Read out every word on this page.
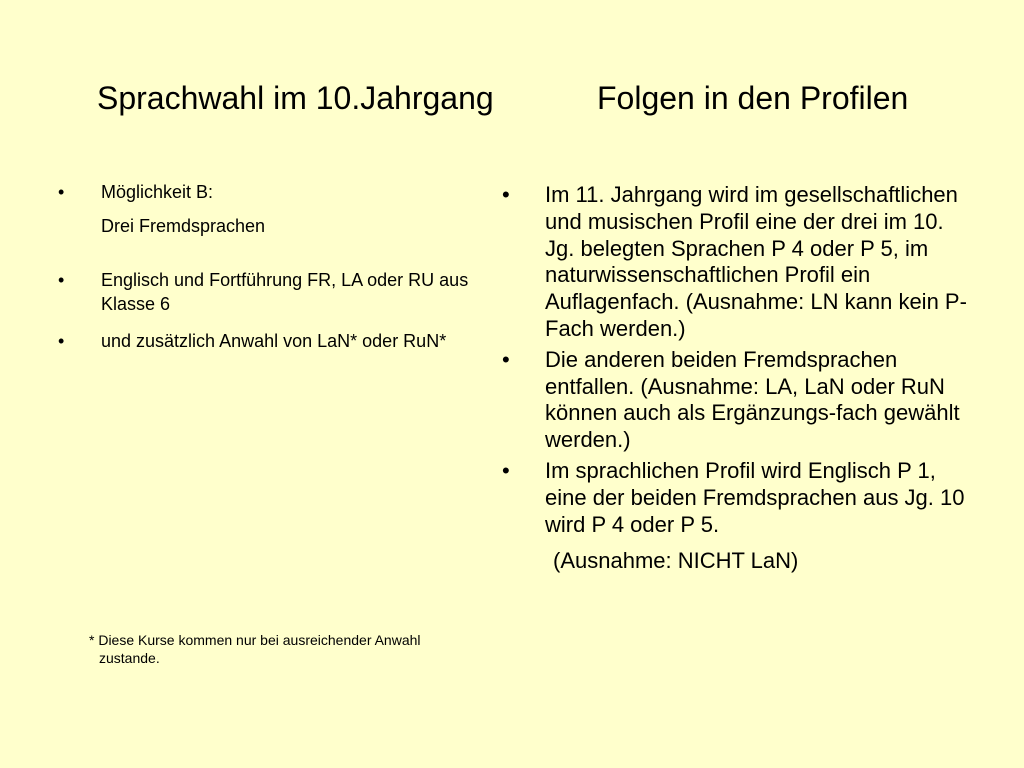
Sprachwahl im 10.Jahrgang	Folgen in den Profilen
• Möglichkeit B:
Drei Fremdsprachen
• Englisch und Fortführung FR, LA oder RU aus Klasse 6
• und zusätzlich Anwahl von LaN* oder RuN*
• Im 11. Jahrgang wird im gesellschaftlichen und musischen Profil eine der drei im 10. Jg. belegten Sprachen P 4 oder P 5, im naturwissenschaftlichen Profil ein Auflagenfach. (Ausnahme: LN kann kein P-Fach werden.)
• Die anderen beiden Fremdsprachen entfallen. (Ausnahme: LA, LaN oder RuN können auch als Ergänzungs-fach gewählt werden.)
• Im sprachlichen Profil wird Englisch P 1, eine der beiden Fremdsprachen aus Jg. 10 wird P 4 oder P 5.
(Ausnahme: NICHT LaN)
* Diese Kurse kommen nur bei ausreichender Anwahl
zustande.
